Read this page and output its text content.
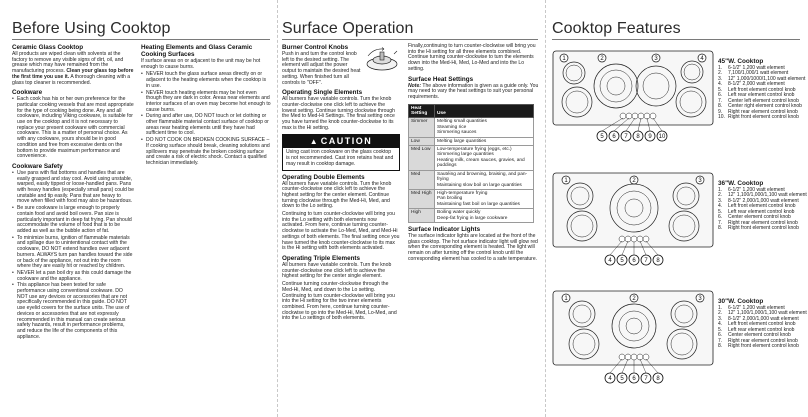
Before Using Cooktop
Ceramic Glass Cooktop

All products are wiped clean with solvents at the factory to remove any visible signs of dirt, oil, and grease which may have remained from the manufacturing process. Clean your glass top before the first time you use it. A thorough cleaning with a glass top cleaner is recommended.

Cookware
• Each cook has his or her own preference for the particular cooking vessels that are most appropriate for the type of cooking being done. Any and all cookware, including Viking cookware, is suitable for use on the cooktop and it is not necessary to replace your present cookware with commercial cookware. This is a matter of personal choice. As with any cookware, yours should be in good condition and free from excessive dents on the bottom to provide maximum performance and convenience.
Cookware Safety
• Use pans with flat bottoms and handles that are easily grasped and stay cool. Avoid using unstable, warped, easily tipped or loose-handled pans. Pans with heavy handles (especially small pans) could be unstable and tip easily. Pans that are heavy to move when filled with food may also be hazardous.
• Be sure cookware is large enough to properly contain food and avoid boil overs. Pan size is particularly important in deep fat frying. Pan should accommodate the volume of food that is to be added as well as the bubble action of fat.
• To minimize burns, ignition of flammable materials and spillage due to unintentional contact with the cookware, DO NOT extend handles over adjacent burners. ALWAYS turn pan handles toward the side or back of the appliance, not out into the room where they are easily hit or reached by children.
• NEVER let a pan boil dry as this could damage the cookware and the appliance.
• This appliance has been tested for safe performance using conventional cookware. DO NOT use any devices or accessories that are not specifically recommended in this guide. DO NOT use eyelid covers for the surface units. The use of devices or accessories that are not expressly recommended in this manual can create serious safety hazards, result in performance problems, and reduce the life of the components of this appliance.
Heating Elements and Glass Ceramic Cooking Surfaces

If surface areas on or adjacent to the unit may be hot enough to cause burns.

• NEVER touch the glass surface areas directly on or adjacent to the heating elements when the cooktop is in use.
• NEVER touch heating elements may be hot even though they are dark in color. Areas near elements and interior surfaces of an oven may become hot enough to cause burns.
• During and after use, DO NOT touch or let clothing or other flammable material contact surface of cooktop or areas near heating elements until they have had sufficient time to cool.
• DO NOT COOK ON BROKEN COOKING SURFACE – If cooking surface should break, cleaning solutions and spillovers may penetrate the broken cooking surface and create a risk of electric shock. Contact a qualified technician immediately.
Surface Operation
Burner Control Knobs

Push in and turn the control knob left to the desired setting. The element will adjust the power output to maintain the desired heat setting. When finished turn all controls to "OFF".

Operating Single Elements

All burners have variable controls. Turn the knob counter-clockwise one click left to achieve the lowest setting. Continue turning clockwise through the Med to Med-Hi Settings. The final setting once you have turned the knob counter-clockwise to its max is the Hi setting.

▲ CAUTION
Using cast iron cookware on the glass cooktop is not recommended. Cast iron retains heat and may result in cooktop damage.
Operating Double Elements

All burners have variable controls. Turn the knob counter-clockwise one click left to achieve the highest setting for the center element. Continue turning clockwise through the Med-Hi, Med, and down to the Lo setting.

Continuing to turn counter-clockwise will bring you into the Lo setting with both elements now activated. From here, continue turning counter-clockwise to activate the Lo-Med, Med, and Med-Hi settings of both elements. The final setting once you have turned the knob counter-clockwise to its max is the Hi setting with both elements activated.

Operating Triple Elements

All burners have variable controls. Turn the knob counter-clockwise one click left to achieve the highest setting for the center single element.

Continue turning counter-clockwise through the Med-Hi, Med, and down to the Lo setting. Continuing to turn counter-clockwise will bring you into the Hi setting for the two inner elements combined. From here, continue turning counter-clockwise to go into the Med-Hi, Med, Lo-Med, and into the Lo settings of both elements.

Finally,continuing to turn counter-clockwise will bring you into the Hi setting for all three elements combined. Continue turning counter-clockwise to turn the elements down into the Med-Hi, Med, Lo-Med and into the Lo setting.

Surface Heat Settings

Note: The above information is given as a guide only. You may need to vary the heat settings to suit your personal requirements.

Heat Setting	Use
Simmer	Melting small quantities
Steaming rice
Simmering sauces

Low	Melting large quantities

Med Low	Low-temperature frying (eggs, etc.)
Simmering large quantities
Heating milk, cream sauces, gravies, and puddings

Med	Sautéing and browning, braising, and pan-frying
Maintaining slow boil on large quantities

Med High	High-temperature frying
Pan broiling
Maintaining fast boil on large quantities

High	Boiling water quickly
Deep-fat frying in large cookware
Surface Indicator Lights

The surface indicator lights are located at the front of the glass cooktop. The hot surface indicator light will glow red when the corresponding element is heated. The light will remain on after turning off the control knob until the corresponding element has cooled to a safe temperature.

Cooktop Features
1	2	3	4
5 6 7 8 9 10
45"W. Cooktop
1. 6-1/2" 1,200 watt element
2. 7,100/1,000/1 watt element
3. 12" 1,000/1000/1,100 watt element
4. 8-1/2" 2,000 watt element
5. Left front element control knob
6. Left rear element control knob
7. Center left element control knob
8. Center right element control knob
9. Right rear element control knob
10. Right front element control knob
1	2	3
4 5 6 7 8
36"W. Cooktop
1. 6-1/2" 1,200 watt element
2. 12" 1,100/1,000/1,100 watt element
3. 8-1/2" 2,000/1,000 watt element
4. Left front element control knob
5. Left rear element control knob
6. Center element control knob
7. Right rear element control knob
8. Right front element control knob
1	2	3
4 5 6 7 8
30"W. Cooktop
1. 6-1/2" 1,200 watt element
2. 12" 1,100/1,000/1,100 watt element
3. 8-1/2" 2,000/1,000 watt element
4. Left front element control knob
5. Left rear element control knob
6. Center element control knob
7. Right rear element control knob
8. Right front element control knob
